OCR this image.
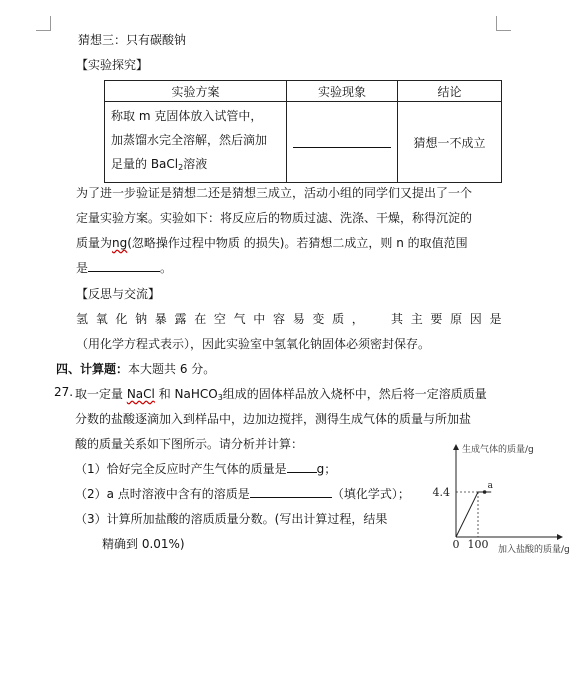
猜想三：只有碳酸钠
【实验探究】
实验方案	实验现象	结论

称取 m 克固体放入试管中，
加蒸馏水完全溶解，然后滴加
足量的 BaCl$_2$溶液		猜想一不成立
为了进一步验证是猜想二还是猜想三成立，活动小组的同学们又提出了一个
定量实验方案。实验如下：将反应后的物质过滤、洗涤、干燥，称得沉淀的
质量为ng(忽略操作过程中物质 的损失)。若猜想二成立，则 n 的取值范围
是	。
【反思与交流】
氢氧化钠暴露在空气中容易变质， 其主要原因是
（用化学方程式表示），因此实验室中氢氧化钠固体必须密封保存。
四、计算题：本大题共 6 分。
27. 取一定量 NaCl 和 NaHCO$_3$组成的固体样品放入烧杯中，然后将一定溶质质量
分数的盐酸逐滴加入到样品中，边加边搅拌，测得生成气体的质量与所加盐
酸的质量关系如下图所示。请分析并计算：
（1）恰好完全反应时产生气体的质量是	g；
（2）a 点时溶液中含有的溶质是	（填化学式）；
（3）计算所加盐酸的溶质质量分数。(写出计算过程，结果
精确到 0.01%)
生成气体的质量/g
加入盐酸的质量/g
4.4
0 100
a
